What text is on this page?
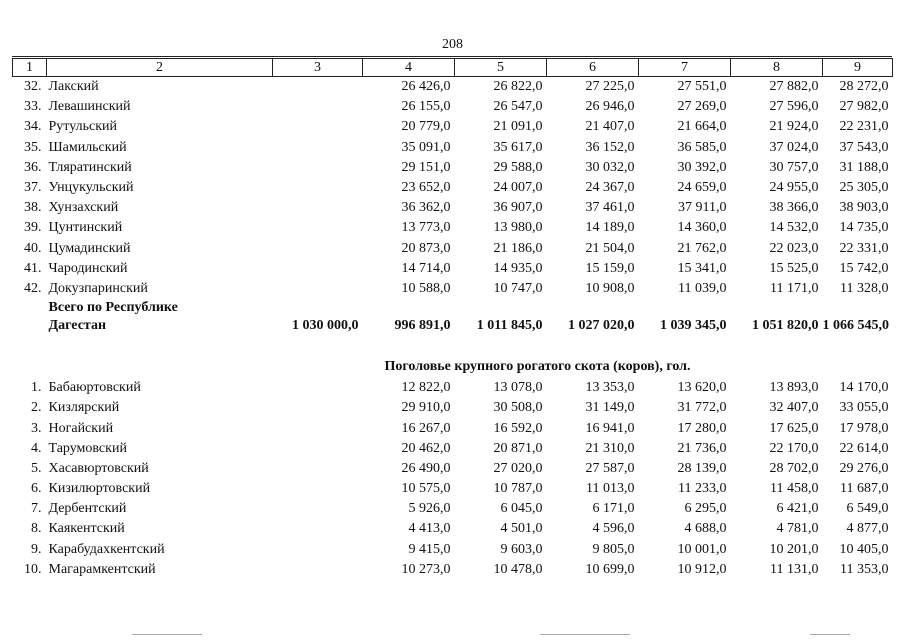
208
1	2	3	4	5	6	7	8	9
32.	Лакский		26 426,0	26 822,0	27 225,0	27 551,0	27 882,0	28 272,0
33.	Левашинский		26 155,0	26 547,0	26 946,0	27 269,0	27 596,0	27 982,0
34.	Рутульский		20 779,0	21 091,0	21 407,0	21 664,0	21 924,0	22 231,0
35.	Шамильский		35 091,0	35 617,0	36 152,0	36 585,0	37 024,0	37 543,0
36.	Тляратинский		29 151,0	29 588,0	30 032,0	30 392,0	30 757,0	31 188,0
37.	Унцукульский		23 652,0	24 007,0	24 367,0	24 659,0	24 955,0	25 305,0
38.	Хунзахский		36 362,0	36 907,0	37 461,0	37 911,0	38 366,0	38 903,0
39.	Цунтинский		13 773,0	13 980,0	14 189,0	14 360,0	14 532,0	14 735,0
40.	Цумадинский		20 873,0	21 186,0	21 504,0	21 762,0	22 023,0	22 331,0
41.	Чародинский		14 714,0	14 935,0	15 159,0	15 341,0	15 525,0	15 742,0
42.	Докузпаринский		10 588,0	10 747,0	10 908,0	11 039,0	11 171,0	11 328,0
	Всего по Республике							
	Дагестан	1 030 000,0	996 891,0	1 011 845,0	1 027 020,0	1 039 345,0	1 051 820,0	1 066 545,0

Поголовье крупного рогатого скота (коров), гол.								
1.	Бабаюртовский		12 822,0	13 078,0	13 353,0	13 620,0	13 893,0	14 170,0
2.	Кизлярский		29 910,0	30 508,0	31 149,0	31 772,0	32 407,0	33 055,0
3.	Ногайский		16 267,0	16 592,0	16 941,0	17 280,0	17 625,0	17 978,0
4.	Тарумовский		20 462,0	20 871,0	21 310,0	21 736,0	22 170,0	22 614,0
5.	Хасавюртовский		26 490,0	27 020,0	27 587,0	28 139,0	28 702,0	29 276,0
6.	Кизилюртовский		10 575,0	10 787,0	11 013,0	11 233,0	11 458,0	11 687,0
7.	Дербентский		5 926,0	6 045,0	6 171,0	6 295,0	6 421,0	6 549,0
8.	Каякентский		4 413,0	4 501,0	4 596,0	4 688,0	4 781,0	4 877,0
9.	Карабудахкентский		9 415,0	9 603,0	9 805,0	10 001,0	10 201,0	10 405,0
10.	Магарамкентский		10 273,0	10 478,0	10 699,0	10 912,0	11 131,0	11 353,0
